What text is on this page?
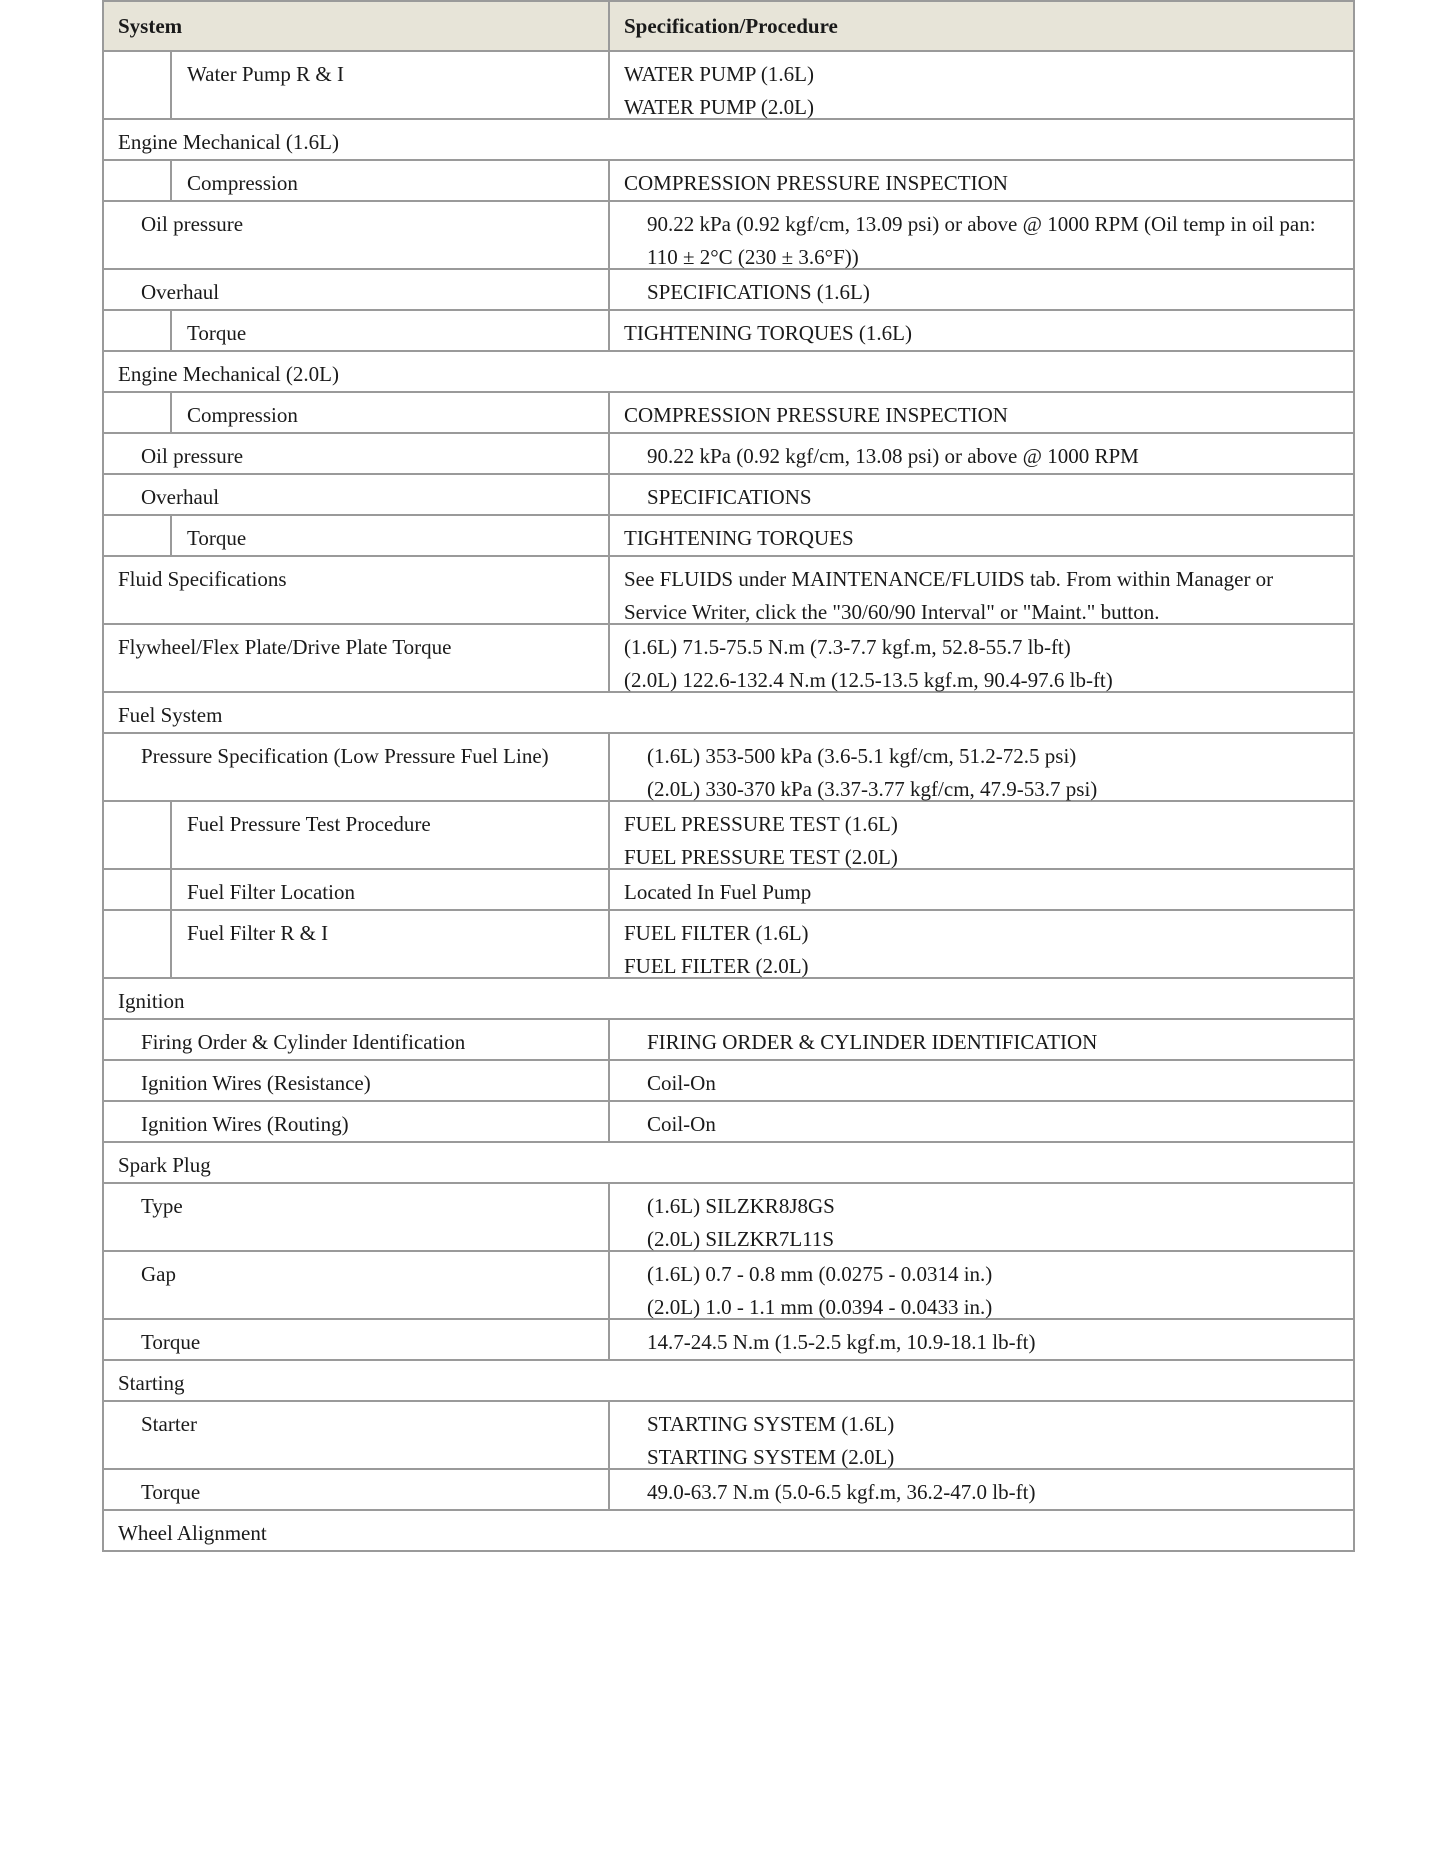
System	Specification/Procedure
Water Pump R & I	WATER PUMP (1.6L)
WATER PUMP (2.0L)
Engine Mechanical (1.6L)
Compression	COMPRESSION PRESSURE INSPECTION
Oil pressure	90.22 kPa (0.92 kgf/cm, 13.09 psi) or above @ 1000 RPM (Oil temp in oil pan:
110 ± 2°C (230 ± 3.6°F))
Overhaul	SPECIFICATIONS (1.6L)
Torque	TIGHTENING TORQUES (1.6L)
Engine Mechanical (2.0L)
Compression	COMPRESSION PRESSURE INSPECTION
Oil pressure	90.22 kPa (0.92 kgf/cm, 13.08 psi) or above @ 1000 RPM
Overhaul	SPECIFICATIONS
Torque	TIGHTENING TORQUES
Fluid Specifications	See FLUIDS under MAINTENANCE/FLUIDS tab. From within Manager or
Service Writer, click the "30/60/90 Interval" or "Maint." button.
Flywheel/Flex Plate/Drive Plate Torque	(1.6L) 71.5-75.5 N.m (7.3-7.7 kgf.m, 52.8-55.7 lb-ft)
(2.0L) 122.6-132.4 N.m (12.5-13.5 kgf.m, 90.4-97.6 lb-ft)
Fuel System
Pressure Specification (Low Pressure Fuel Line)	(1.6L) 353-500 kPa (3.6-5.1 kgf/cm, 51.2-72.5 psi)
(2.0L) 330-370 kPa (3.37-3.77 kgf/cm, 47.9-53.7 psi)
Fuel Pressure Test Procedure	FUEL PRESSURE TEST (1.6L)
FUEL PRESSURE TEST (2.0L)
Fuel Filter Location	Located In Fuel Pump
Fuel Filter R & I	FUEL FILTER (1.6L)
FUEL FILTER (2.0L)
Ignition
Firing Order & Cylinder Identification	FIRING ORDER & CYLINDER IDENTIFICATION
Ignition Wires (Resistance)	Coil-On
Ignition Wires (Routing)	Coil-On
Spark Plug
Type	(1.6L) SILZKR8J8GS
(2.0L) SILZKR7L11S
Gap	(1.6L) 0.7 - 0.8 mm (0.0275 - 0.0314 in.)
(2.0L) 1.0 - 1.1 mm (0.0394 - 0.0433 in.)
Torque	14.7-24.5 N.m (1.5-2.5 kgf.m, 10.9-18.1 lb-ft)
Starting
Starter	STARTING SYSTEM (1.6L)
STARTING SYSTEM (2.0L)
Torque	49.0-63.7 N.m (5.0-6.5 kgf.m, 36.2-47.0 lb-ft)
Wheel Alignment
